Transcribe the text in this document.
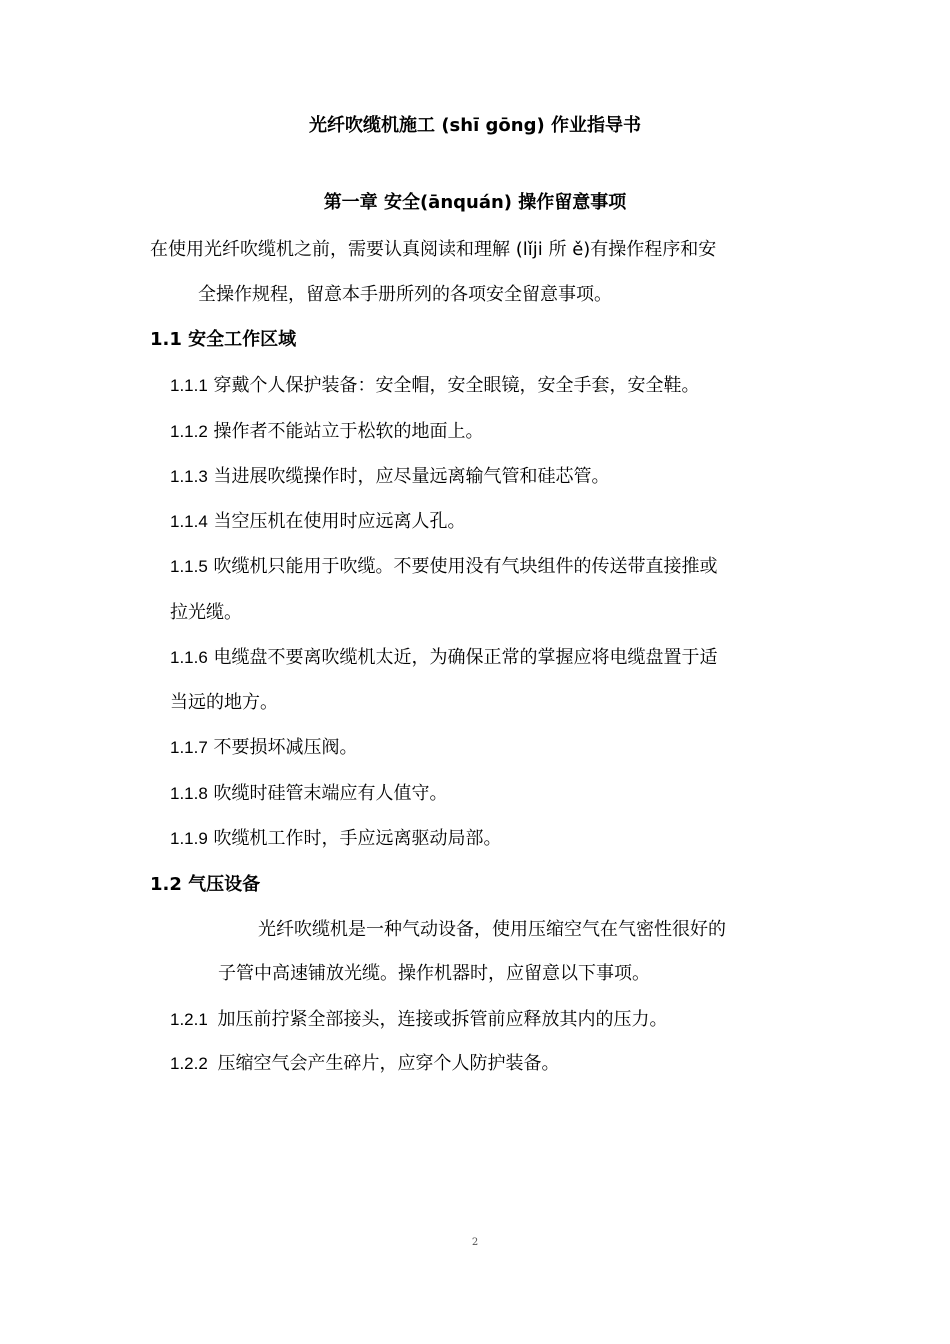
光纤吹缆机施工 (shī gōng) 作业指导书
第一章 安全(ānquán) 操作留意事项
在使用光纤吹缆机之前，需要认真阅读和理解 (lǐji 所 ě)有操作程序和安
全操作规程，留意本手册所列的各项安全留意事项。
1.1 安全工作区域
1.1.1 穿戴个人保护装备：安全帽，安全眼镜，安全手套，安全鞋。
1.1.2 操作者不能站立于松软的地面上。
1.1.3 当进展吹缆操作时，应尽量远离输气管和硅芯管。
1.1.4 当空压机在使用时应远离人孔。
1.1.5 吹缆机只能用于吹缆。不要使用没有气块组件的传送带直接推或
拉光缆。
1.1.6 电缆盘不要离吹缆机太近，为确保正常的掌握应将电缆盘置于适
当远的地方。
1.1.7 不要损坏减压阀。
1.1.8 吹缆时硅管末端应有人值守。
1.1.9 吹缆机工作时，手应远离驱动局部。
1.2 气压设备
光纤吹缆机是一种气动设备，使用压缩空气在气密性很好的
子管中高速铺放光缆。操作机器时，应留意以下事项。
1.2.1 加压前拧紧全部接头，连接或拆管前应释放其内的压力。
1.2.2 压缩空气会产生碎片，应穿个人防护装备。
2
